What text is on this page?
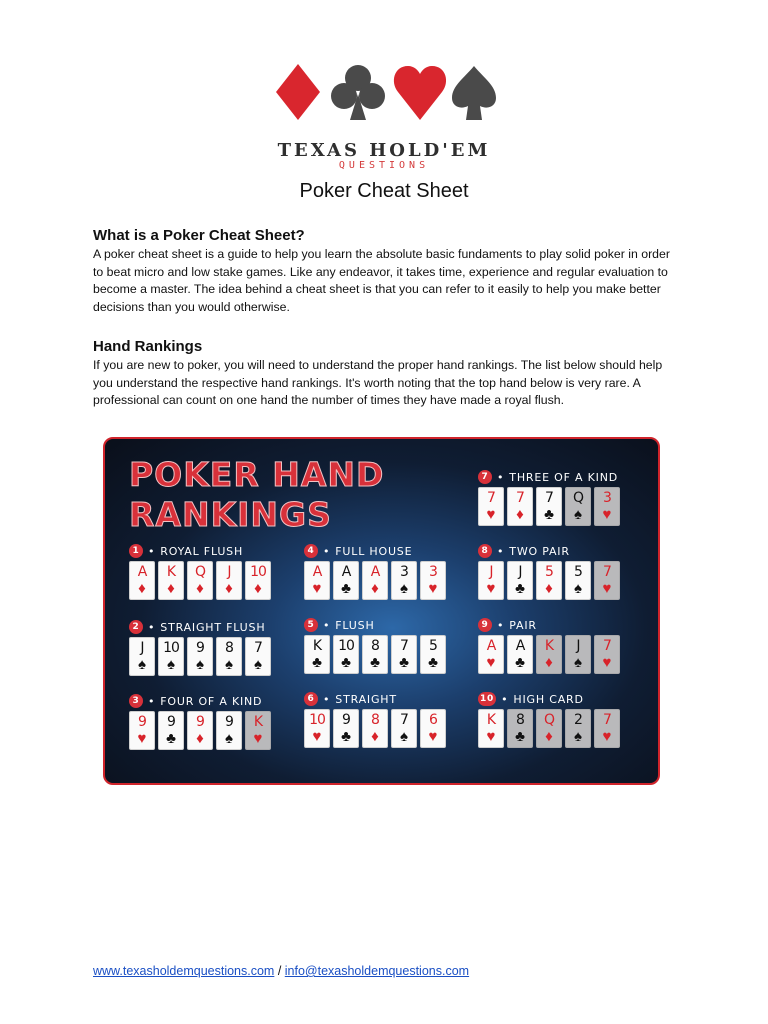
TEXAS HOLD'EM
QUESTIONS
Poker Cheat Sheet
What is a Poker Cheat Sheet?

A poker cheat sheet is a guide to help you learn the absolute basic fundaments to play solid poker in order to beat micro and low stake games. Like any endeavor, it takes time, experience and regular evaluation to become a master. The idea behind a cheat sheet is that you can refer to it easily to help you make better decisions than you would otherwise.

Hand Rankings

If you are new to poker, you will need to understand the proper hand rankings. The list below should help you understand the respective hand rankings. It's worth noting that the top hand below is very rare. A professional can count on one hand the number of times they have made a royal flush.

POKER HAND
RANKINGS
1 • ROYAL FLUSH
A
♦
K
♦
Q
♦
J
♦
10
♦
2 • STRAIGHT FLUSH
J
♠
10
♠
9
♠
8
♠
7
♠
3 • FOUR OF A KIND
9
♥
9
♣
9
♦
9
♠
K
♥
4 • FULL HOUSE
A
♥
A
♣
A
♦
3
♠
3
♥
5 • FLUSH
K
♣
10
♣
8
♣
7
♣
5
♣
6 • STRAIGHT
10
♥
9
♣
8
♦
7
♠
6
♥
7 • THREE OF A KIND
7
♥
7
♦
7
♣
Q
♠
3
♥
8 • TWO PAIR
J
♥
J
♣
5
♦
5
♠
7
♥
9 • PAIR
A
♥
A
♣
K
♦
J
♠
7
♥
10 • HIGH CARD
K
♥
8
♣
Q
♦
2
♠
7
♥
www.texasholdemquestions.com / info@texasholdemquestions.com
